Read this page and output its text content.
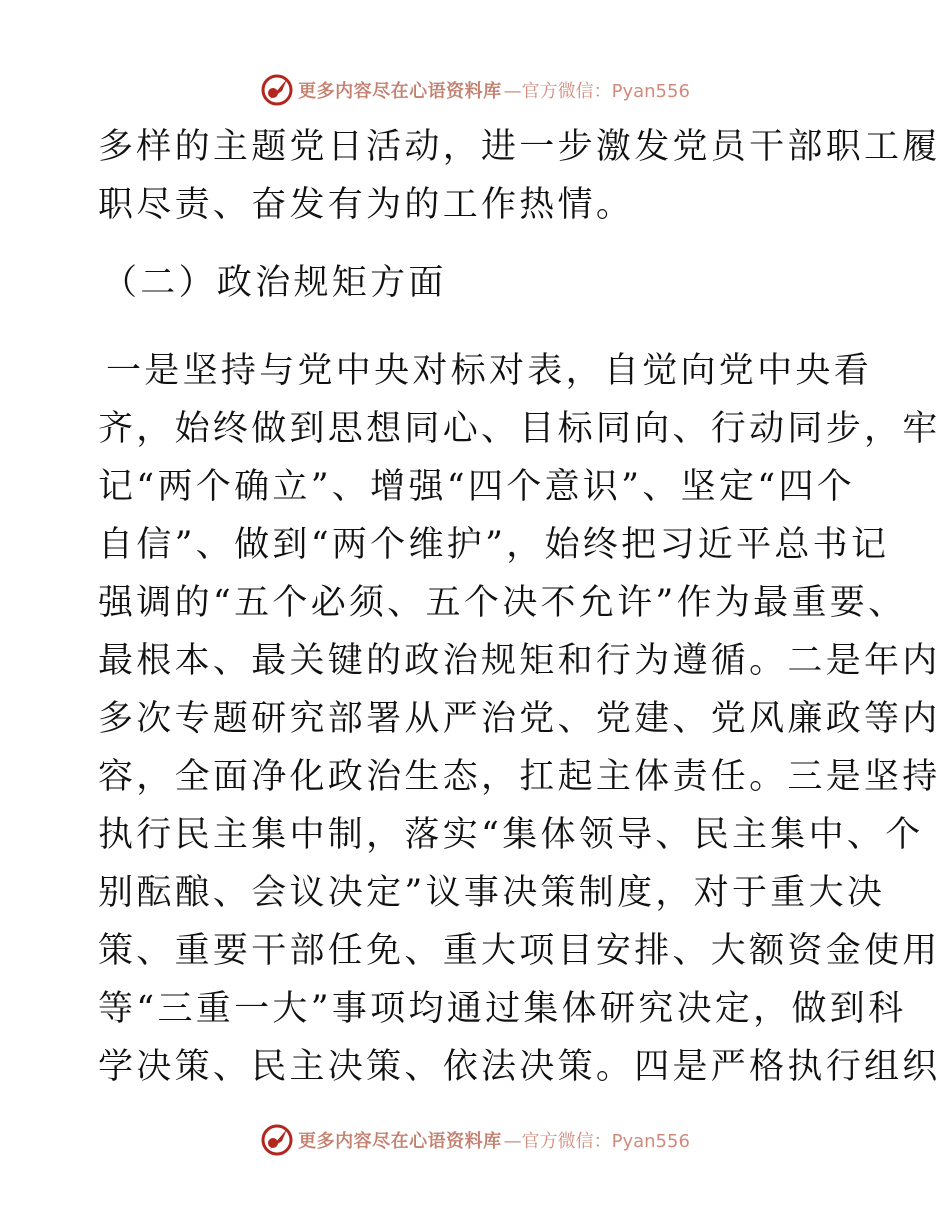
更多内容尽在心语资料库 —官方微信：Pyan556
多样的主题党日活动，进一步激发党员干部职工履
职尽责、奋发有为的工作热情。
（二）政治规矩方面
一是坚持与党中央对标对表，自觉向党中央看
齐，始终做到思想同心、目标同向、行动同步，牢
记“两个确立”、增强“四个意识”、坚定“四个
自信”、做到“两个维护”，始终把习近平总书记
强调的“五个必须、五个决不允许”作为最重要、
最根本、最关键的政治规矩和行为遵循。二是年内
多次专题研究部署从严治党、党建、党风廉政等内
容，全面净化政治生态，扛起主体责任。三是坚持
执行民主集中制，落实“集体领导、民主集中、个
别酝酿、会议决定”议事决策制度，对于重大决
策、重要干部任免、重大项目安排、大额资金使用
等“三重一大”事项均通过集体研究决定，做到科
学决策、民主决策、依法决策。四是严格执行组织
更多内容尽在心语资料库 —官方微信：Pyan556
